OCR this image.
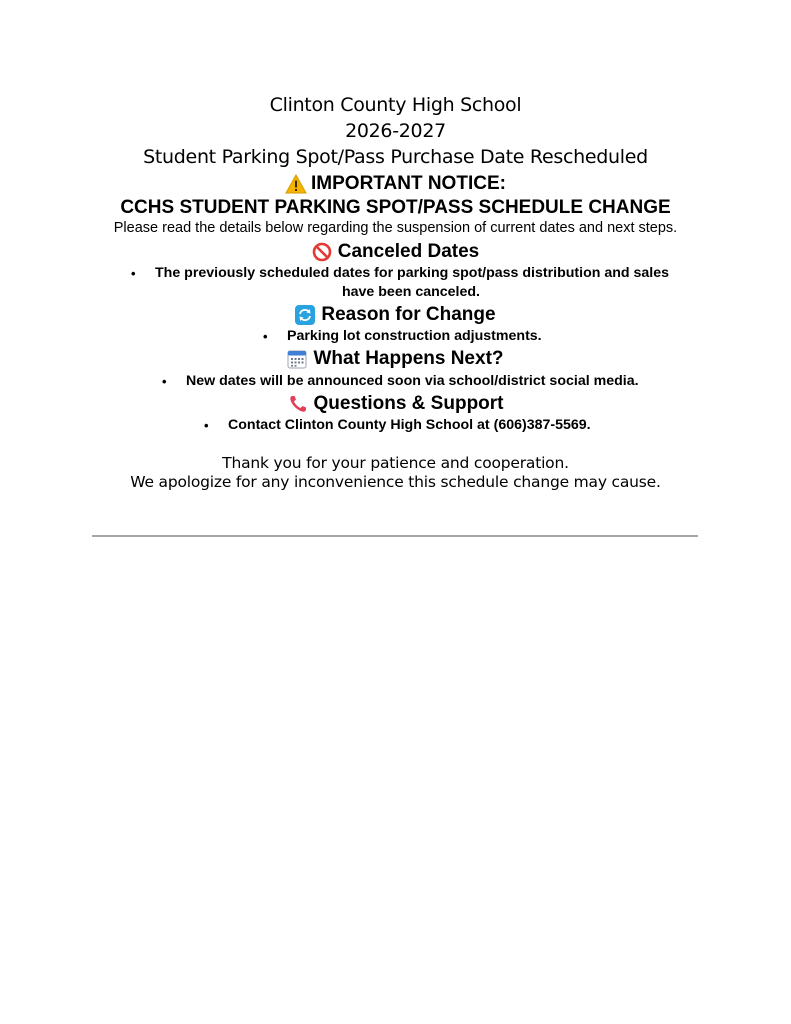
Clinton County High School
2026-2027
Student Parking Spot/Pass Purchase Date Rescheduled
IMPORTANT NOTICE:
CCHS STUDENT PARKING SPOT/PASS SCHEDULE CHANGE
Please read the details below regarding the suspension of current dates and next steps.
Canceled Dates
• The previously scheduled dates for parking spot/pass distribution and sales
have been canceled.
Reason for Change
• Parking lot construction adjustments.
What Happens Next?
• New dates will be announced soon via school/district social media.
Questions & Support
• Contact Clinton County High School at (606)387-5569.
Thank you for your patience and cooperation.
We apologize for any inconvenience this schedule change may cause.
